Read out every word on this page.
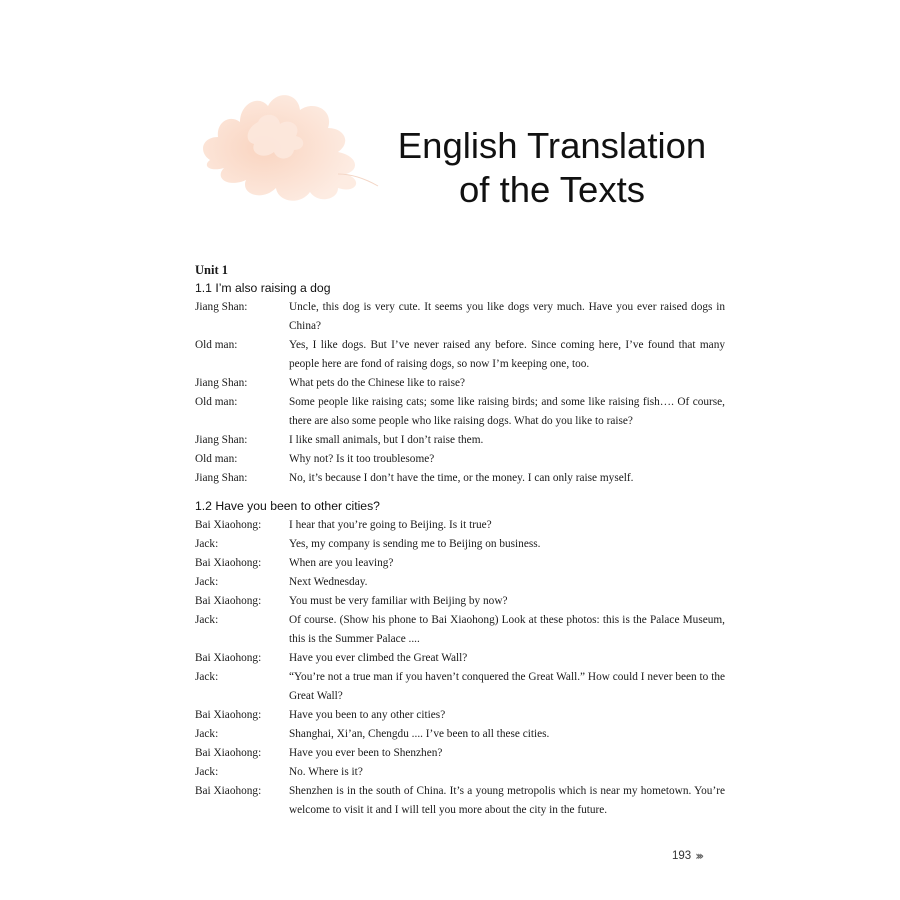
English Translation
of the Texts

Unit 1

1.1 I’m also raising a dog

Jiang Shan:	Uncle, this dog is very cute. It seems you like dogs very much. Have you ever raised dogs in China?
Old man:	Yes, I like dogs. But I’ve never raised any before. Since coming here, I’ve found that many people here are fond of raising dogs, so now I’m keeping one, too.
Jiang Shan:	What pets do the Chinese like to raise?
Old man:	Some people like raising cats; some like raising birds; and some like raising fish…. Of course, there are also some people who like raising dogs. What do you like to raise?
Jiang Shan:	I like small animals, but I don’t raise them.
Old man:	Why not? Is it too troublesome?
Jiang Shan:	No, it’s because I don’t have the time, or the money. I can only raise myself.

1.2 Have you been to other cities?

Bai Xiaohong:	I hear that you’re going to Beijing. Is it true?
Jack:	Yes, my company is sending me to Beijing on business.
Bai Xiaohong:	When are you leaving?
Jack:	Next Wednesday.
Bai Xiaohong:	You must be very familiar with Beijing by now?
Jack:	Of course. (Show his phone to Bai Xiaohong) Look at these photos: this is the Palace Museum, this is the Summer Palace ....
Bai Xiaohong:	Have you ever climbed the Great Wall?
Jack:	“You’re not a true man if you haven’t conquered the Great Wall.” How could I never been to the Great Wall?
Bai Xiaohong:	Have you been to any other cities?
Jack:	Shanghai, Xi’an, Chengdu .... I’ve been to all these cities.
Bai Xiaohong:	Have you ever been to Shenzhen?
Jack:	No. Where is it?
Bai Xiaohong:	Shenzhen is in the south of China. It’s a young metropolis which is near my hometown. You’re welcome to visit it and I will tell you more about the city in the future.
193 ›››
